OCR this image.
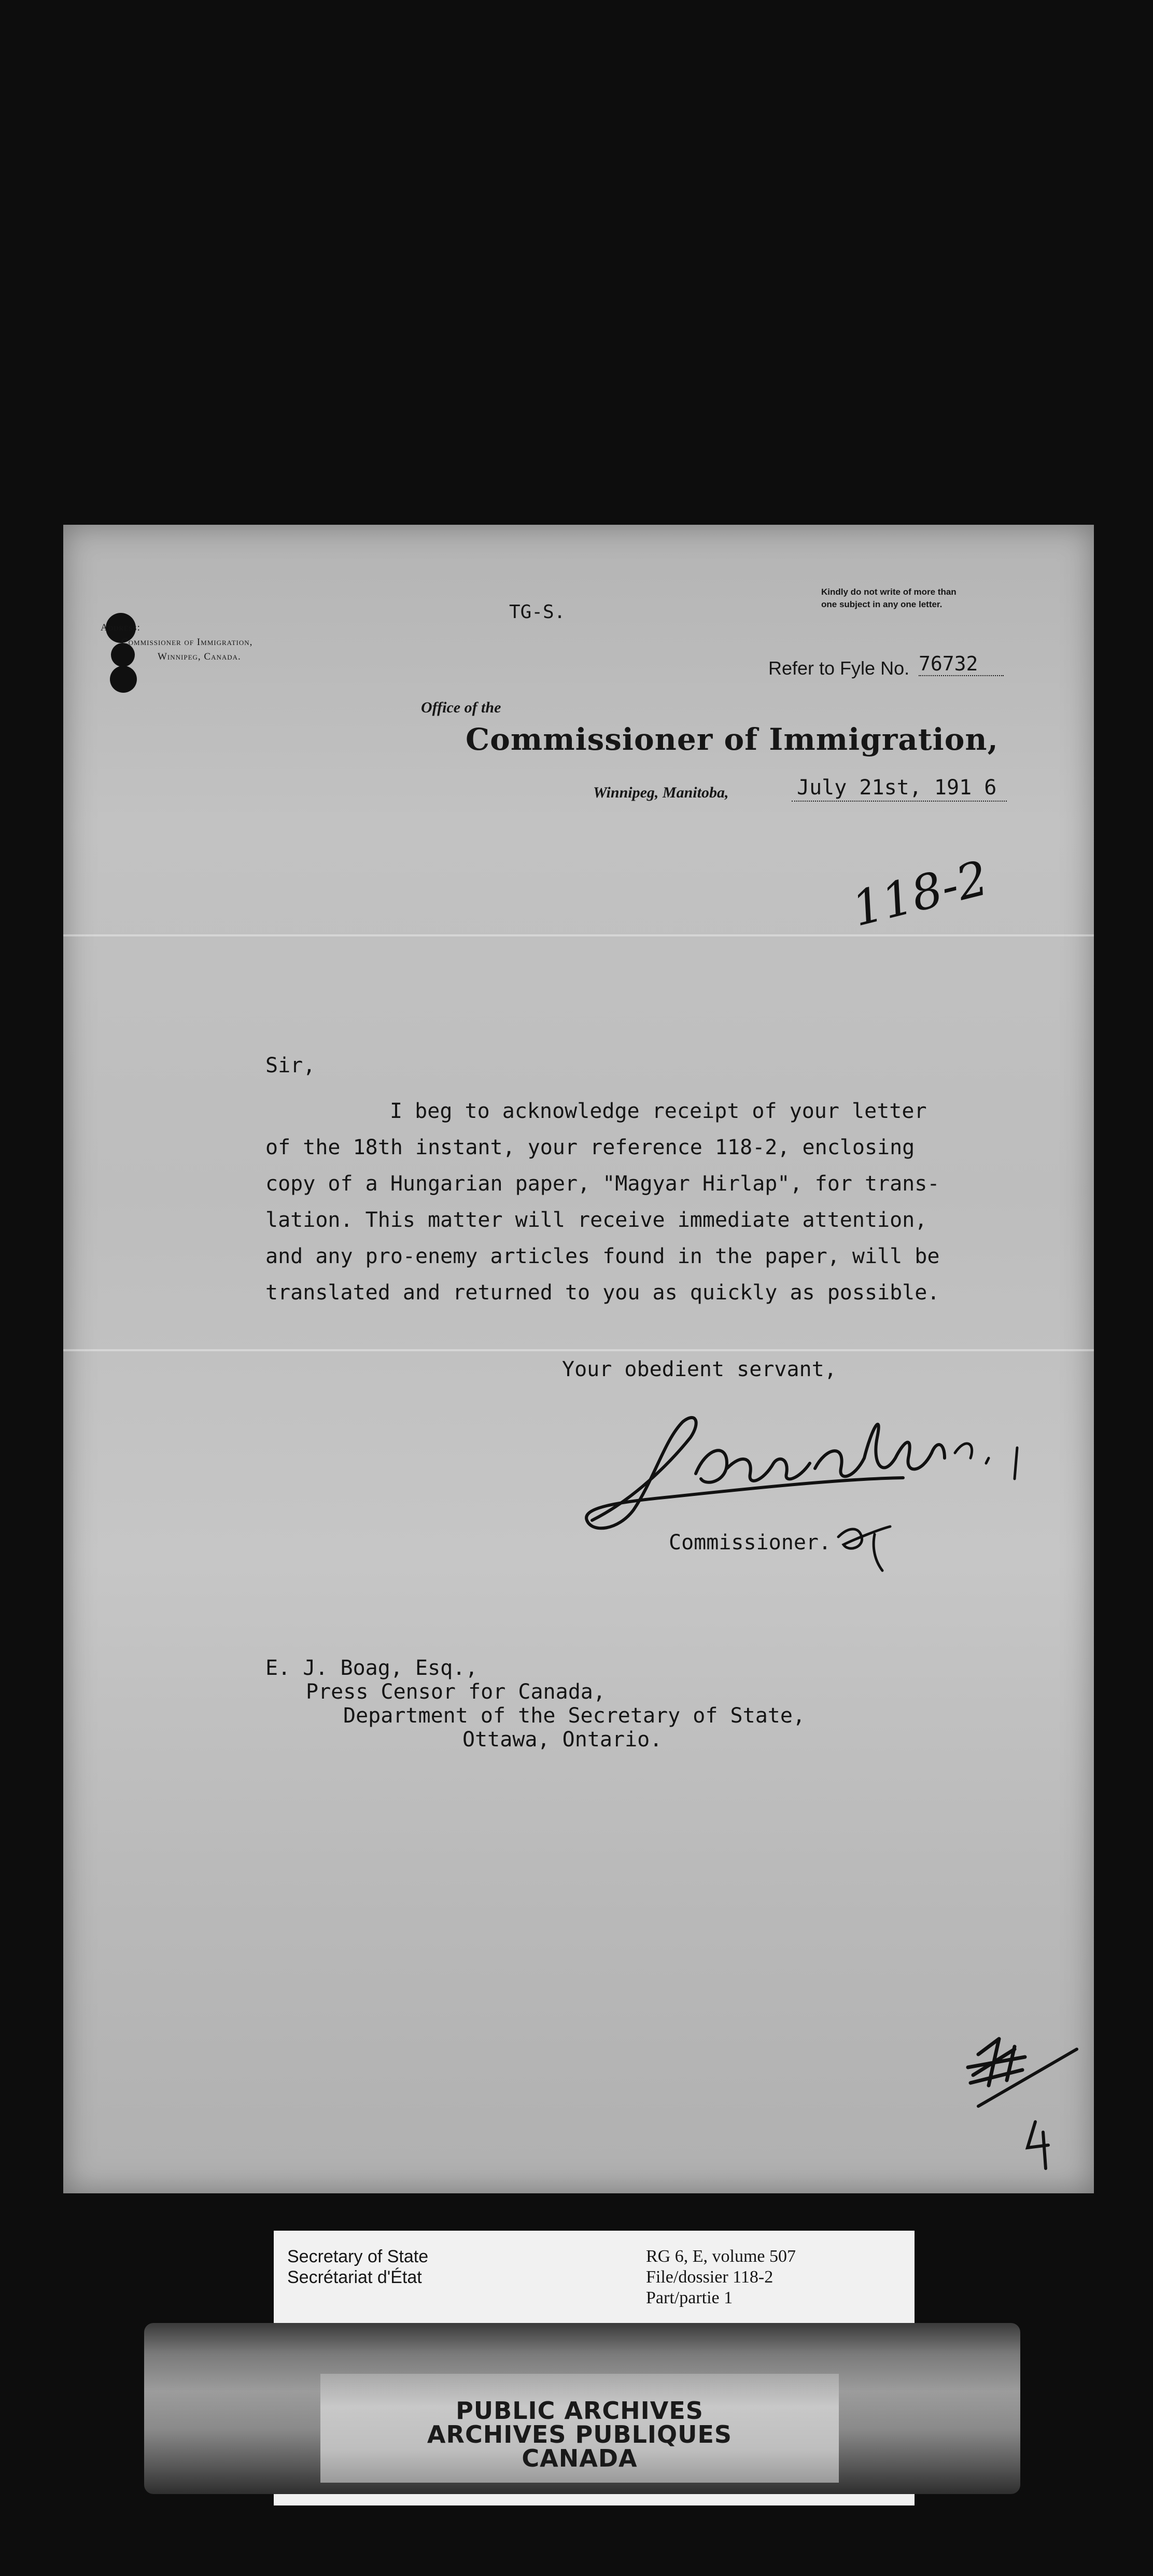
Address:
Commissioner of Immigration,
Winnipeg, Canada.
TG-S.
Kindly do not write of more than
one subject in any one letter.
Refer to Fyle No. 76732
Office of the
Commissioner of Immigration,
Winnipeg, Manitoba,	July 21st, 191 6
118-2
Sir,
I beg to acknowledge receipt of your letter
of the 18th instant, your reference 118-2, enclosing
copy of a Hungarian paper, "Magyar Hirlap", for trans-
lation. This matter will receive immediate attention,
and any pro-enemy articles found in the paper, will be
translated and returned to you as quickly as possible.
Your obedient servant,
Commissioner.
E. J. Boag, Esq.,
Press Censor for Canada,
Department of the Secretary of State,
Ottawa, Ontario.
Secretary of State
Secrétariat d'État
RG 6, E, volume 507
File/dossier 118-2
Part/partie 1
PUBLIC ARCHIVES
ARCHIVES PUBLIQUES
CANADA
